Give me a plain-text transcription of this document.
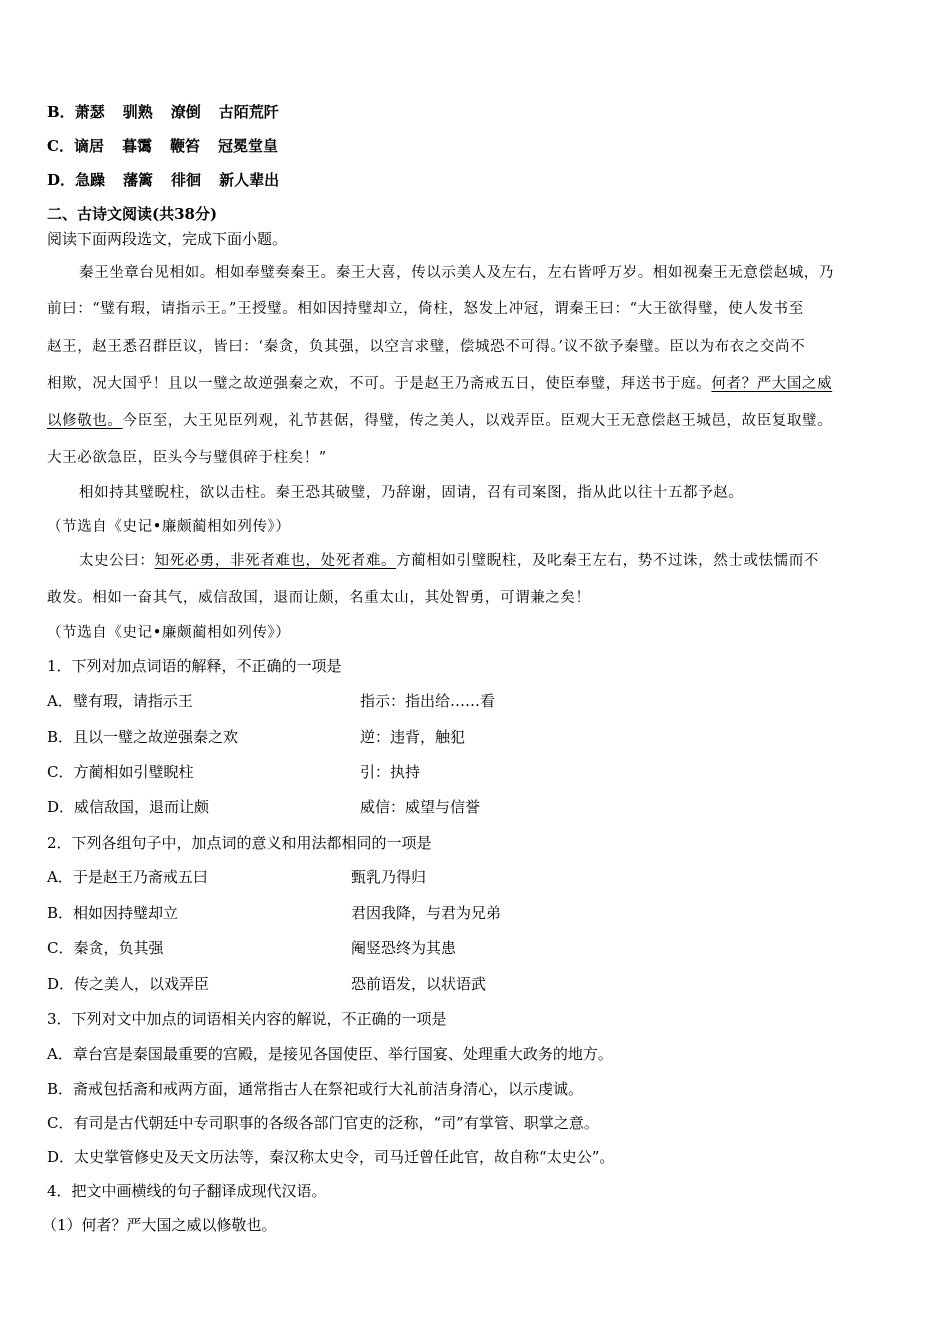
B．萧瑟 驯熟 潦倒 古陌荒阡
C．谪居 暮霭 鞭笞 冠冕堂皇
D．急躁 藩篱 徘徊 新人辈出
二、古诗文阅读(共38分)
阅读下面两段选文，完成下面小题。
秦王坐章台见相如。相如奉璧奏秦王。秦王大喜，传以示美人及左右，左右皆呼万岁。相如视秦王无意偿赵城，乃
前曰：“璧有瑕，请指示王。”王授璧。相如因持璧却立，倚柱，怒发上冲冠，谓秦王曰：“大王欲得璧，使人发书至
赵王，赵王悉召群臣议，皆曰：‘秦贪，负其强，以空言求璧，偿城恐不可得。’议不欲予秦璧。臣以为布衣之交尚不
相欺，况大国乎！且以一璧之故逆强秦之欢，不可。于是赵王乃斋戒五日，使臣奉璧，拜送书于庭。何者？严大国之威
以修敬也。今臣至，大王见臣列观，礼节甚倨，得璧，传之美人，以戏弄臣。臣观大王无意偿赵王城邑，故臣复取璧。
大王必欲急臣，臣头今与璧俱碎于柱矣！”
相如持其璧睨柱，欲以击柱。秦王恐其破璧，乃辞谢，固请，召有司案图，指从此以往十五都予赵。
（节选自《史记•廉颇蔺相如列传》）
太史公曰：知死必勇，非死者难也，处死者难。方蔺相如引璧睨柱，及叱秦王左右，势不过诛，然士或怯懦而不
敢发。相如一奋其气，威信敌国，退而让颇，名重太山，其处智勇，可谓兼之矣！
（节选自《史记•廉颇蔺相如列传》）
1．下列对加点词语的解释，不正确的一项是
A．璧有瑕，请指示王	指示：指出给……看
B．且以一璧之故逆强秦之欢	逆：违背，触犯
C．方蔺相如引璧睨柱	引：执持
D．威信敌国，退而让颇	威信：威望与信誉
2．下列各组句子中，加点词的意义和用法都相同的一项是
A．于是赵王乃斋戒五曰	甄乳乃得归
B．相如因持璧却立	君因我降，与君为兄弟
C．秦贪，负其强	阉竖恐终为其患
D．传之美人，以戏弄臣	恐前语发，以状语武
3．下列对文中加点的词语相关内容的解说，不正确的一项是
A．章台宫是秦国最重要的宫殿，是接见各国使臣、举行国宴、处理重大政务的地方。
B．斋戒包括斋和戒两方面，通常指古人在祭祀或行大礼前洁身清心，以示虔诚。
C．有司是古代朝廷中专司职事的各级各部门官吏的泛称，“司”有掌管、职掌之意。
D．太史掌管修史及天文历法等，秦汉称太史令，司马迁曾任此官，故自称“太史公”。
4．把文中画横线的句子翻译成现代汉语。
（1）何者？严大国之威以修敬也。
